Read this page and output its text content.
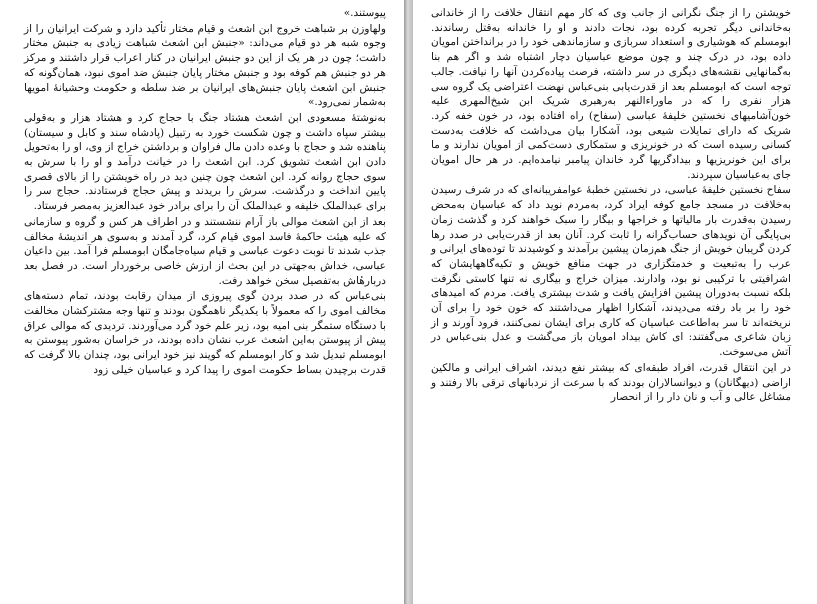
پیوستند.»

ولهاوزن بر شباهت خروج ابن اشعث و قیام مختار تأکید دارد و شرکت ایرانیان را از وجوه شبه هر دو قیام می‌داند: «جنبش ابن اشعث شباهت زیادی به جنبش مختار داشت؛ چون در هر یک از این دو جنبش ایرانیان در کنار اعراب قرار داشتند و مرکز هر دو جنبش هم کوفه بود و جنبش مختار پایان جنبش ضد اموی نبود، همان‌گونه که جنبش ابن اشعث پایان جنبش‌های ایرانیان بر ضد سلطه و حکومت وحشیانهٔ امویها به‌شمار نمی‌رود.»

به‌نوشتهٔ مسعودی ابن اشعث هشتاد جنگ با حجاج کرد و هشتاد هزار و به‌قولی بیشتر سپاه داشت و چون شکست خورد به رتبیل (پادشاه سند و کابل و سیستان) پناهنده شد و حجاج با وعده دادن مال فراوان و برداشتن خراج از وی، او را به‌تحویل دادن ابن اشعث تشویق کرد. ابن اشعث را در خیانت درآمد و او را با سرش به سوی حجاج روانه کرد. ابن اشعث چون چنین دید در راه خویشتن را از بالای قصری پایین انداخت و درگذشت. سرش را بریدند و پیش حجاج فرستادند. حجاج سر را برای عبدالملک خلیفه و عبدالملک آن را برای برادر خود عبدالعزیز به‌مصر فرستاد.

بعد از ابن اشعث موالی باز آرام ننشستند و در اطراف هر کس و گروه و سازمانی که علیه هیئت حاکمهٔ فاسد اموی قیام کرد، گرد آمدند و به‌سوی هر اندیشهٔ مخالف جذب شدند تا نوبت دعوت عباسی و قیام سیاه‌جامگان ابومسلم فرا آمد. بین داعیان عباسی، خداش به‌جهتی در این بحث از ارزش خاصی برخوردار است. در فصل بعد دربارهٔاش به‌تفصیل سخن خواهد رفت.

بنی‌عباس که در صدد بردن گوی پیروزی از میدان رقابت بودند، تمام دسته‌های مخالف اموی را که معمولاً با یکدیگر ناهمگون بودند و تنها وجه مشترکشان مخالفت با دستگاه ستمگر بنی امیه بود، زیر علم خود گرد می‌آوردند. تردیدی که موالی عراق پیش از پیوستن به‌این اشعث عرب نشان داده بودند، در خراسان به‌شور پیوستن به ابومسلم تبدیل شد و کار ابومسلم که گویند نیز خود ایرانی بود، چندان بالا گرفت که قدرت برچیدن بساط حکومت اموی را پیدا کرد و عباسیان خیلی زود

خویشتن را از جنگ نگرانی از جانب وی که کار مهم انتقال خلافت را از خاندانی به‌خاندانی دیگر تجربه کرده بود، نجات دادند و او را خاندانه به‌قتل رساندند. ابومسلم که هوشیاری و استعداد سربازی و سازماندهی خود را در برانداختن امویان داده بود، در درک چند و چون موضع عباسیان دچار اشتباه شد و اگر هم بنا به‌گمانهایی نقشه‌های دیگری در سر داشته، فرصت پیاده‌کردن آنها را نیافت. جالب توجه است که ابومسلم بعد از قدرت‌یابی بنی‌عباس نهضت اعتراضی یک گروه سی هزار نفری را که در ماوراءالنهر به‌رهبری شریک ابن شیخ‌المهری علیه خون‌آشامیهای نخستین خلیفهٔ عباسی (سفاح) راه افتاده بود، در خون خفه کرد. شریک که دارای تمایلات شیعی بود، آشکارا بیان می‌داشت که خلافت به‌دست کسانی رسیده است که در خونریزی و ستمکاری دست‌کمی از امویان ندارند و ما برای این خونریزیها و بیدادگریها گرد خاندان پیامبر نیامده‌ایم. در هر حال امویان جای به‌عباسیان سپردند.

سفاح نخستین خلیفهٔ عباسی، در نخستین خطبهٔ عوامفریبانه‌ای که در شرف رسیدن به‌خلافت در مسجد جامع کوفه ایراد کرد، به‌مردم نوید داد که عباسیان به‌محض رسیدن به‌قدرت بار مالیاتها و خراجها و بیگار را سبک خواهند کرد و گذشت زمان بی‌پایگی آن نویدهای حساب‌گرانه را ثابت کرد. آنان بعد از قدرت‌یابی در صدد رها کردن گریبان خویش از جنگ هم‌زمان پیشین برآمدند و کوشیدند تا توده‌های ایرانی و عرب را به‌تبعیت و خدمتگزاری در جهت منافع خویش و تکیه‌گاههایشان که اشرافیتی با ترکیبی نو بود، وادارند. میزان خراج و بیگاری نه تنها کاستی نگرفت بلکه نسبت به‌دوران پیشین افزایش یافت و شدت بیشتری یافت. مردم که امیدهای خود را بر باد رفته می‌دیدند، آشکارا اظهار می‌داشتند که خون خود را برای آن نریخته‌اند تا سر به‌اطاعت عباسیان که کاری برای ایشان نمی‌کنند، فرود آورند و از زبان شاعری می‌گفتند: ای کاش بیداد امویان باز می‌گشت و عدل بنی‌عباس در آتش می‌سوخت.

در این انتقال قدرت، افراد طبقه‌ای که بیشتر نفع دیدند، اشراف ایرانی و مالکین اراضی (دیهگانان) و دیوانسالاران بودند که با سرعت از نردبانهای ترقی بالا رفتند و مشاغل عالی و آب و نان دار را از انحصار
